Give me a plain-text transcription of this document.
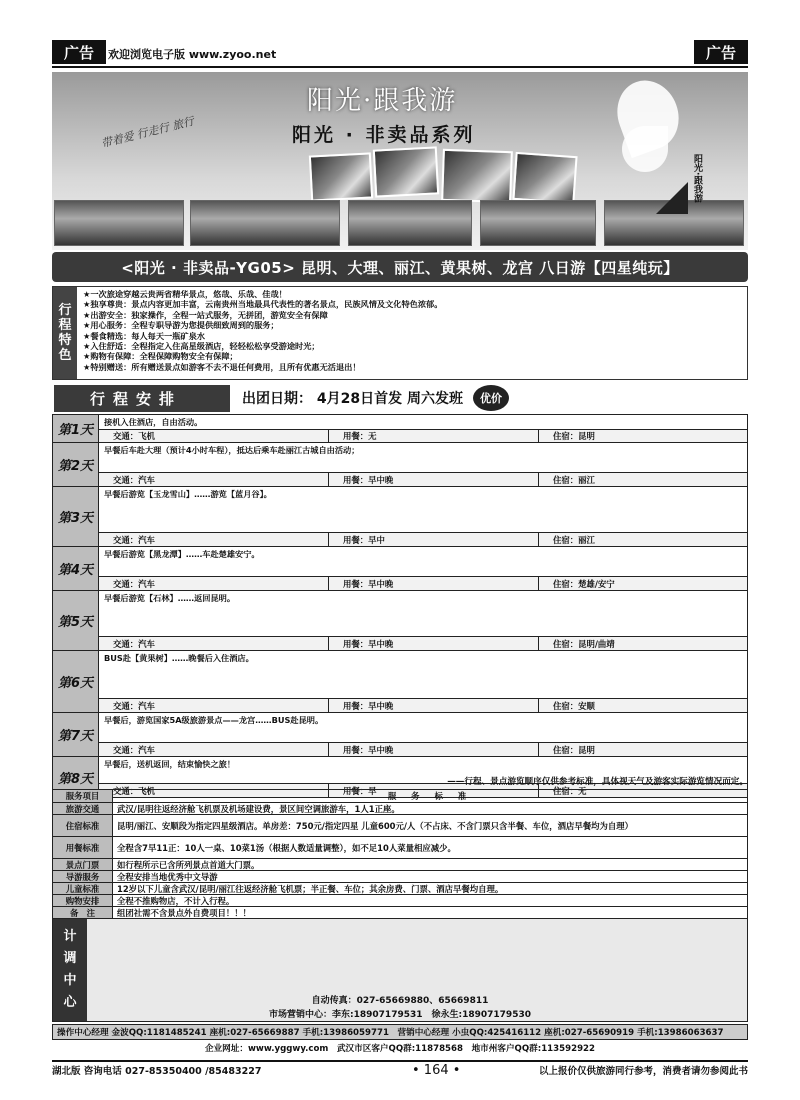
广告	欢迎浏览电子版 www.zyoo.net	广告
带着爱 行走行 旅行
阳光·跟我游
阳光 · 非卖品系列
阳光·跟我游
<阳光 · 非卖品-YG05> 昆明、大理、丽江、黄果树、龙宫 八日游【四星纯玩】
行
程
特
色
★一次旅途穿越云贵两省精华景点，悠哉、乐哉、佳哉！
★独享尊贵：景点内容更加丰富，云南贵州当地最具代表性的著名景点，民族风情及文化特色浓郁。
★出游安全：独家操作，全程一站式服务，无拼团，游览安全有保障
★用心服务：全程专职导游为您提供细致周到的服务；
★餐食精选：每人每天一瓶矿泉水
★入住舒适：全程指定入住高星级酒店，轻轻松松享受游途时光；
★购物有保障：全程保障购物安全有保障；
★特别赠送：所有赠送景点如游客不去不退任何费用，且所有优惠无活退出！
行程安排	出团日期： 4月28日首发 周六发班	优价
第1天
接机入住酒店，自由活动。
交通： 飞机	用餐： 无	住宿： 昆明
第2天
早餐后车赴大理（预计4小时车程），抵达后乘车赴丽江古城自由活动；
交通： 汽车	用餐： 早中晚	住宿： 丽江
第3天
早餐后游览【玉龙雪山】……游览【蓝月谷】。
交通： 汽车	用餐： 早中	住宿： 丽江
第4天
早餐后游览【黑龙潭】……车赴楚雄安宁。
交通： 汽车	用餐： 早中晚	住宿： 楚雄/安宁
第5天
早餐后游览【石林】……返回昆明。
交通： 汽车	用餐： 早中晚	住宿： 昆明/曲靖
第6天
BUS赴【黄果树】……晚餐后入住酒店。
交通： 汽车	用餐： 早中晚	住宿： 安顺
第7天
早餐后，游览国家5A级旅游景点——龙宫……BUS赴昆明。
交通： 汽车	用餐： 早中晚	住宿： 昆明
第8天
早餐后，送机返回，结束愉快之旅！
交通： 飞机	用餐： 早	住宿： 无
——行程、景点游览顺序仅供参考标准，具体视天气及游客实际游览情况而定。
服务项目	服 务 标 准
旅游交通	武汉/昆明往返经济舱飞机票及机场建设费，景区间空调旅游车，1人1正座。
住宿标准	昆明/丽江、安顺段为指定四星级酒店。单房差：750元/指定四星 儿童600元/人（不占床、不含门票只含半餐、车位，酒店早餐均为自理）
用餐标准	全程含7早11正：10人一桌、10菜1汤（根据人数适量调整），如不足10人菜量相应减少。
景点门票	如行程所示已含所列景点首道大门票。
导游服务	全程安排当地优秀中文导游
儿童标准	12岁以下儿童含武汉/昆明/丽江往返经济舱飞机票；半正餐、车位；其余房费、门票、酒店早餐均自理。
购物安排	全程不推购物店，不计入行程。
备　注	组团社需不含景点外自费项目！！！
计
调
中
心	自动传真：027-65669880、65669811
市场营销中心：李东:18907179531　徐永生:18907179530
操作中心经理 金波QQ:1181485241 座机:027-65669887 手机:13986059771　营销中心经理 小虫QQ:425416112 座机:027-65690919 手机:13986063637
企业网址：www.yggwy.com　武汉市区客户QQ群:11878568　地市州客户QQ群:113592922
湖北版 咨询电话 027-85350400 /85483227	• 164 •	以上报价仅供旅游同行参考，消费者请勿参阅此书
